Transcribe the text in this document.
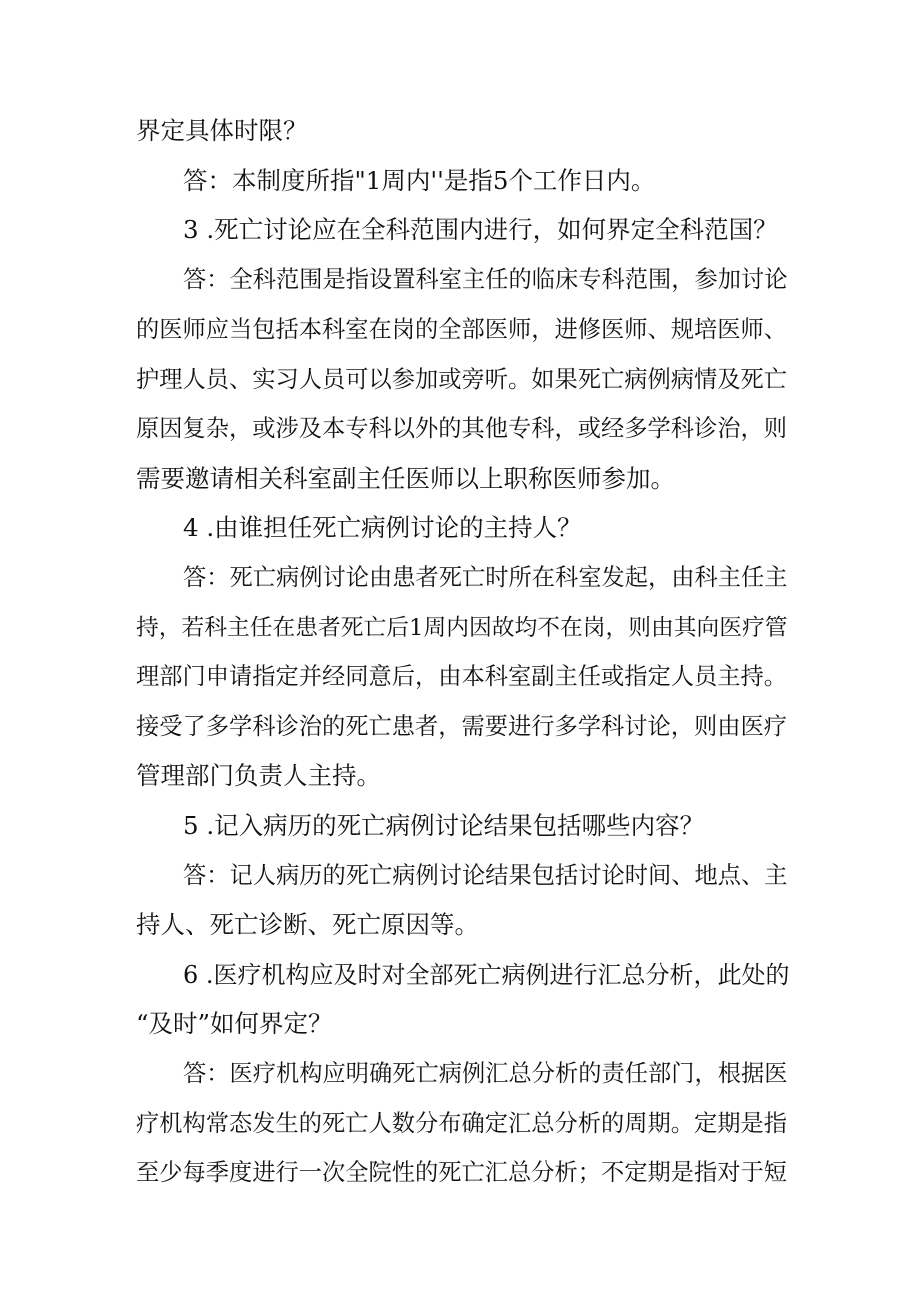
界定具体时限？
答：本制度所指"1周内''是指5个工作日内。
3 .死亡讨论应在全科范围内进行，如何界定全科范国？
答：全科范围是指设置科室主任的临床专科范围，参加讨论
的医师应当包括本科室在岗的全部医师，进修医师、规培医师、
护理人员、实习人员可以参加或旁听。如果死亡病例病情及死亡
原因复杂，或涉及本专科以外的其他专科，或经多学科诊治，则
需要邀请相关科室副主任医师以上职称医师参加。
4 .由谁担任死亡病例讨论的主持人？
答：死亡病例讨论由患者死亡时所在科室发起，由科主任主
持，若科主任在患者死亡后1周内因故均不在岗，则由其向医疗管
理部门申请指定并经同意后，由本科室副主任或指定人员主持。
接受了多学科诊治的死亡患者，需要进行多学科讨论，则由医疗
管理部门负责人主持。
5 .记入病历的死亡病例讨论结果包括哪些内容？
答：记人病历的死亡病例讨论结果包括讨论时间、地点、主
持人、死亡诊断、死亡原因等。
6 .医疗机构应及时对全部死亡病例进行汇总分析，此处的
“及时”如何界定？
答：医疗机构应明确死亡病例汇总分析的责任部门，根据医
疗机构常态发生的死亡人数分布确定汇总分析的周期。定期是指
至少每季度进行一次全院性的死亡汇总分析；不定期是指对于短
